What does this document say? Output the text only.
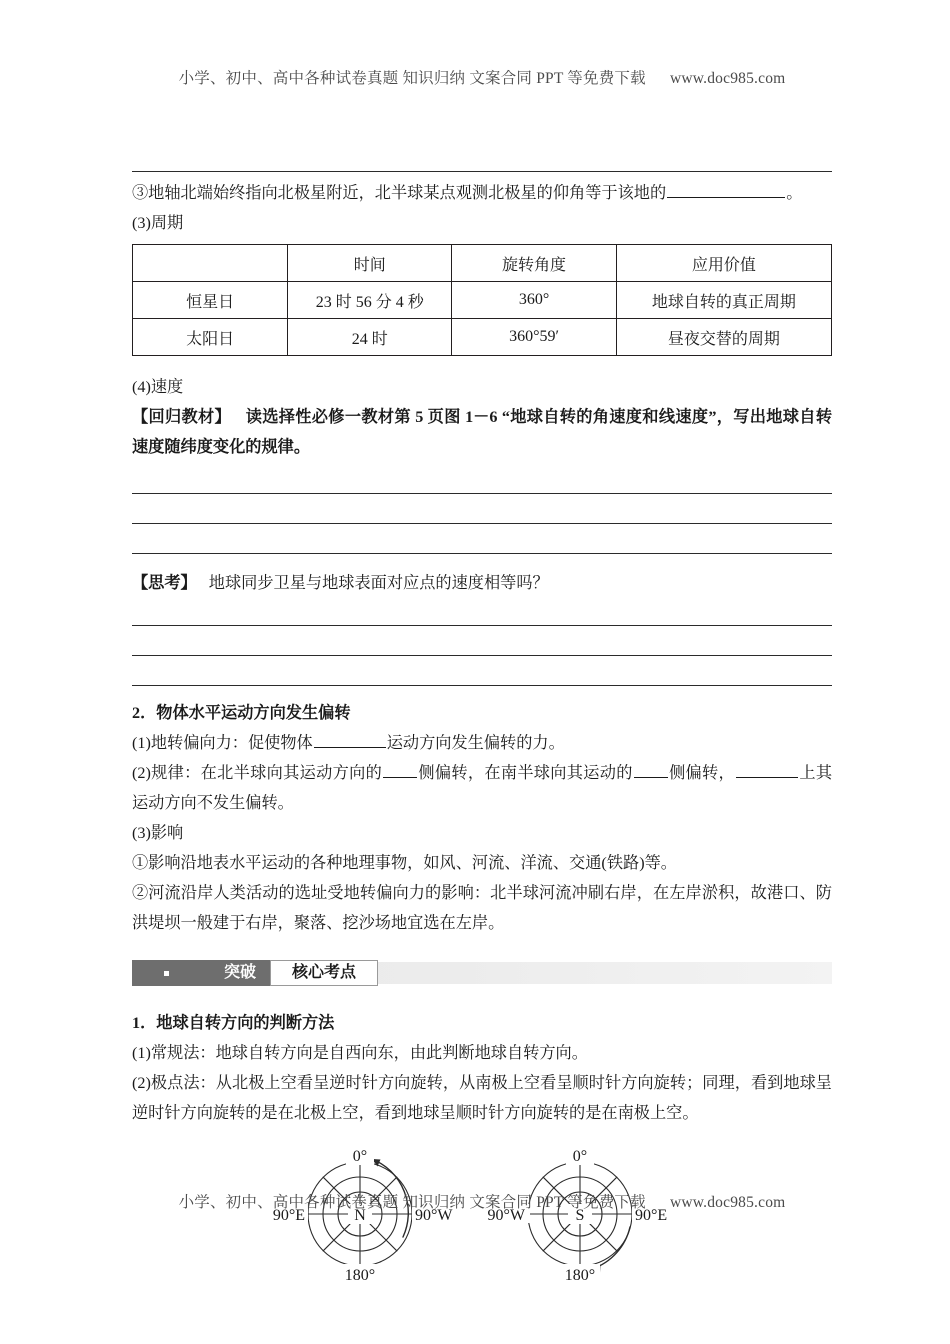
小学、初中、高中各种试卷真题 知识归纳 文案合同 PPT 等免费下载 www.doc985.com

③地轴北端始终指向北极星附近，北半球某点观测北极星的仰角等于该地的	。

(3)周期

	时间	旋转角度	应用价值
恒星日	23 时 56 分 4 秒	360°	地球自转的真正周期
太阳日	24 时	360°59′	昼夜交替的周期

(4)速度

【回归教材】 读选择性必修一教材第 5 页图 1－6 “地球自转的角速度和线速度”，写出地球自转速度随纬度变化的规律。

【思考】 地球同步卫星与地球表面对应点的速度相等吗？

2．物体水平运动方向发生偏转

(1)地转偏向力：促使物体	运动方向发生偏转的力。

(2)规律：在北半球向其运动方向的 侧偏转，在南半球向其运动的 侧偏转，	上其运动方向不发生偏转。

(3)影响

①影响沿地表水平运动的各种地理事物，如风、河流、洋流、交通(铁路)等。

②河流沿岸人类活动的选址受地转偏向力的影响：北半球河流冲刷右岸，在左岸淤积，故港口、防洪堤坝一般建于右岸，聚落、挖沙场地宜选在左岸。

突破	核心考点

1．地球自转方向的判断方法

(1)常规法：地球自转方向是自西向东，由此判断地球自转方向。

(2)极点法：从北极上空看呈逆时针方向旋转，从南极上空看呈顺时针方向旋转；同理，看到地球呈逆时针方向旋转的是在北极上空，看到地球呈顺时针方向旋转的是在南极上空。

N
0°
180°
90°E	90°W	S
0°
180°
90°W	90°E
小学、初中、高中各种试卷真题 知识归纳 文案合同 PPT 等免费下载 www.doc985.com
